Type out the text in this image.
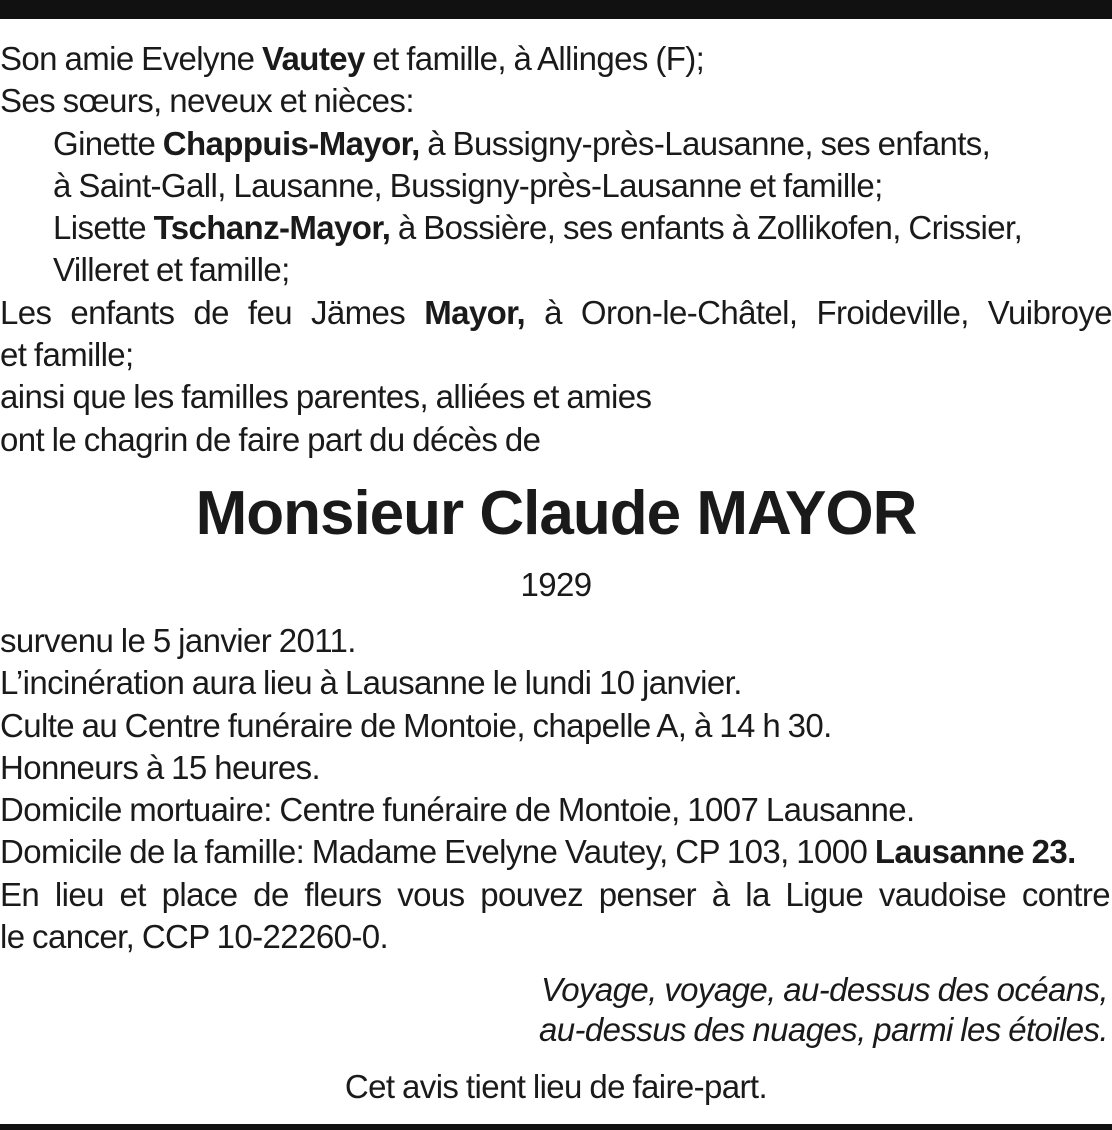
Son amie Evelyne Vautey et famille, à Allinges (F);
Ses sœurs, neveux et nièces:
Ginette Chappuis-Mayor, à Bussigny-près-Lausanne, ses enfants,
à Saint-Gall, Lausanne, Bussigny-près-Lausanne et famille;
Lisette Tschanz-Mayor, à Bossière, ses enfants à Zollikofen, Crissier,
Villeret et famille;
Les enfants de feu Jämes Mayor, à Oron-le-Châtel, Froideville, Vuibroye
et famille;
ainsi que les familles parentes, alliées et amies
ont le chagrin de faire part du décès de
Monsieur Claude MAYOR
1929
survenu le 5 janvier 2011.
L’incinération aura lieu à Lausanne le lundi 10 janvier.
Culte au Centre funéraire de Montoie, chapelle A, à 14 h 30.
Honneurs à 15 heures.
Domicile mortuaire: Centre funéraire de Montoie, 1007 Lausanne.
Domicile de la famille: Madame Evelyne Vautey, CP 103, 1000 Lausanne 23.
En lieu et place de fleurs vous pouvez penser à la Ligue vaudoise contre
le cancer, CCP 10-22260-0.
Voyage, voyage, au-dessus des océans,
au-dessus des nuages, parmi les étoiles.
Cet avis tient lieu de faire-part.
